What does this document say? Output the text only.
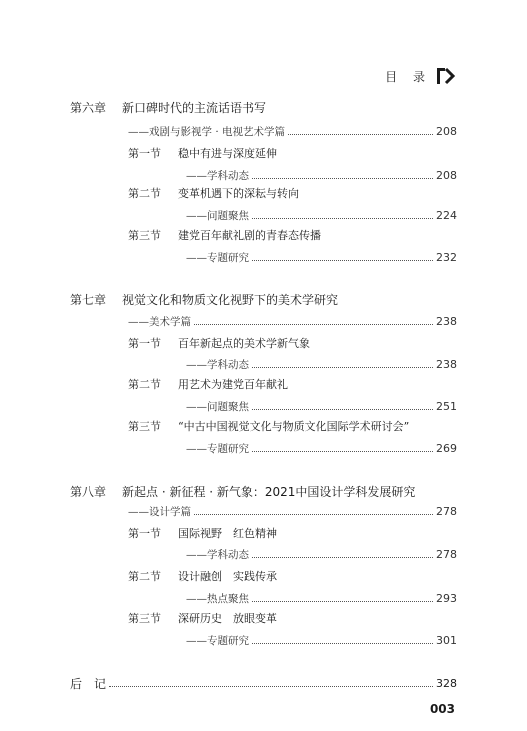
目 录
第六章 新口碑时代的主流话语书写
——戏剧与影视学 · 电视艺术学篇	208
第一节 稳中有进与深度延伸
——学科动态	208
第二节 变革机遇下的深耘与转向
——问题聚焦	224
第三节 建党百年献礼剧的青春态传播
——专题研究	232
第七章 视觉文化和物质文化视野下的美术学研究
——美术学篇	238
第一节 百年新起点的美术学新气象
——学科动态	238
第二节 用艺术为建党百年献礼
——问题聚焦	251
第三节 “中古中国视觉文化与物质文化国际学术研讨会”
——专题研究	269
第八章 新起点 · 新征程 · 新气象：2021中国设计学科发展研究
——设计学篇	278
第一节 国际视野　红色精神
——学科动态	278
第二节 设计融创　实践传承
——热点聚焦	293
第三节 深研历史　放眼变革
——专题研究	301
后　记	328
003
